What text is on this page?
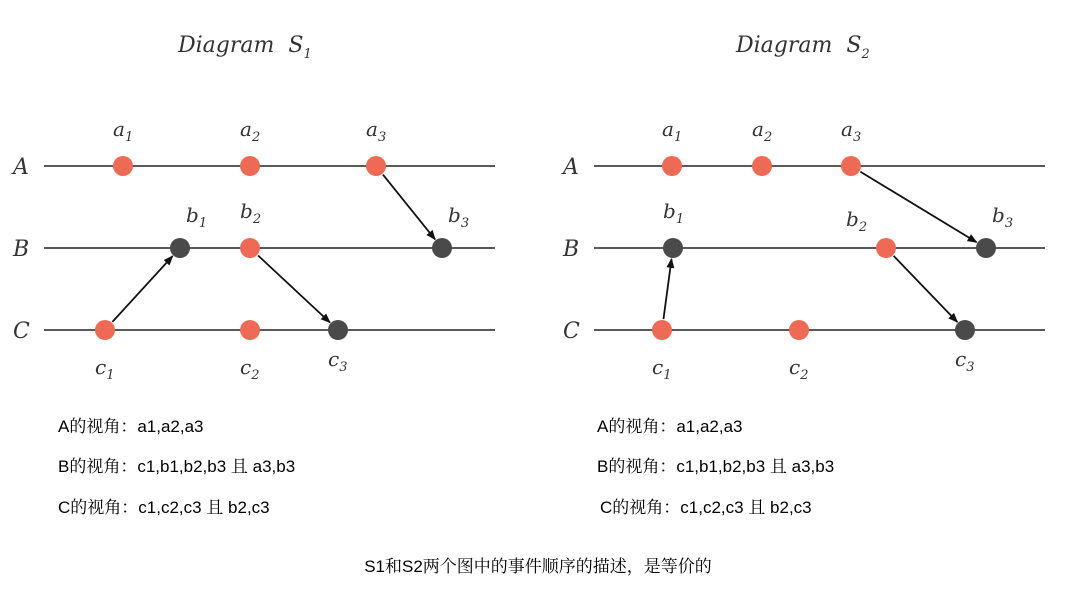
Diagram $S_1$
A
B
C
$a_1$	$a_2$	$a_3$
$b_1$
$b_2$	$b_3$
$c_1$	$c_2$
$c_3$
A的视角：a1,a2,a3
B的视角：c1,b1,b2,b3 且 a3,b3
C的视角：c1,c2,c3 且 b2,c3
Diagram $S_2$
A
B
C
$a_1$	$a_2$	$a_3$
$b_1$	$b_2$
$b_3$
$c_1$	$c_2$
$c_3$
A的视角：a1,a2,a3
B的视角：c1,b1,b2,b3 且 a3,b3
C的视角：c1,c2,c3 且 b2,c3
S1和S2两个图中的事件顺序的描述，是等价的
